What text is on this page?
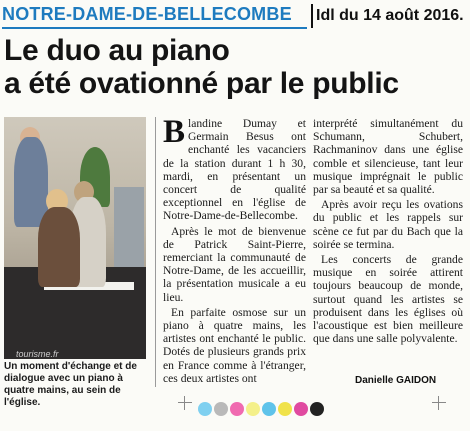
NOTRE-DAME-DE-BELLECOMBE Idl du 14 août 2016.
Le duo au piano
a été ovationné par le public
tourisme.fr
Un moment d'échange et de dialogue avec un piano à quatre mains, au sein de l'église.

Blandine Dumay et Germain Besus ont enchanté les vacanciers de la station durant 1 h 30, mardi, en présentant un concert de qualité exceptionnel en l'église de Notre-Dame-de-Bellecombe.

Après le mot de bienvenue de Patrick Saint-Pierre, remerciant la communauté de Notre-Dame, de les accueillir, la présentation musicale a eu lieu.

En parfaite osmose sur un piano à quatre mains, les artistes ont enchanté le public. Dotés de plusieurs grands prix en France comme à l'étranger, ces deux artistes ont

interprété simultanément du Schumann, Schubert, Rachmaninov dans une église comble et silencieuse, tant leur musique imprégnait le public par sa beauté et sa qualité.

Après avoir reçu les ovations du public et les rappels sur scène ce fut par du Bach que la soirée se termina.

Les concerts de grande musique en soirée attirent toujours beaucoup de monde, surtout quand les artistes se produisent dans les églises où l'acoustique est bien meilleure que dans une salle polyvalente.

Danielle GAIDON
